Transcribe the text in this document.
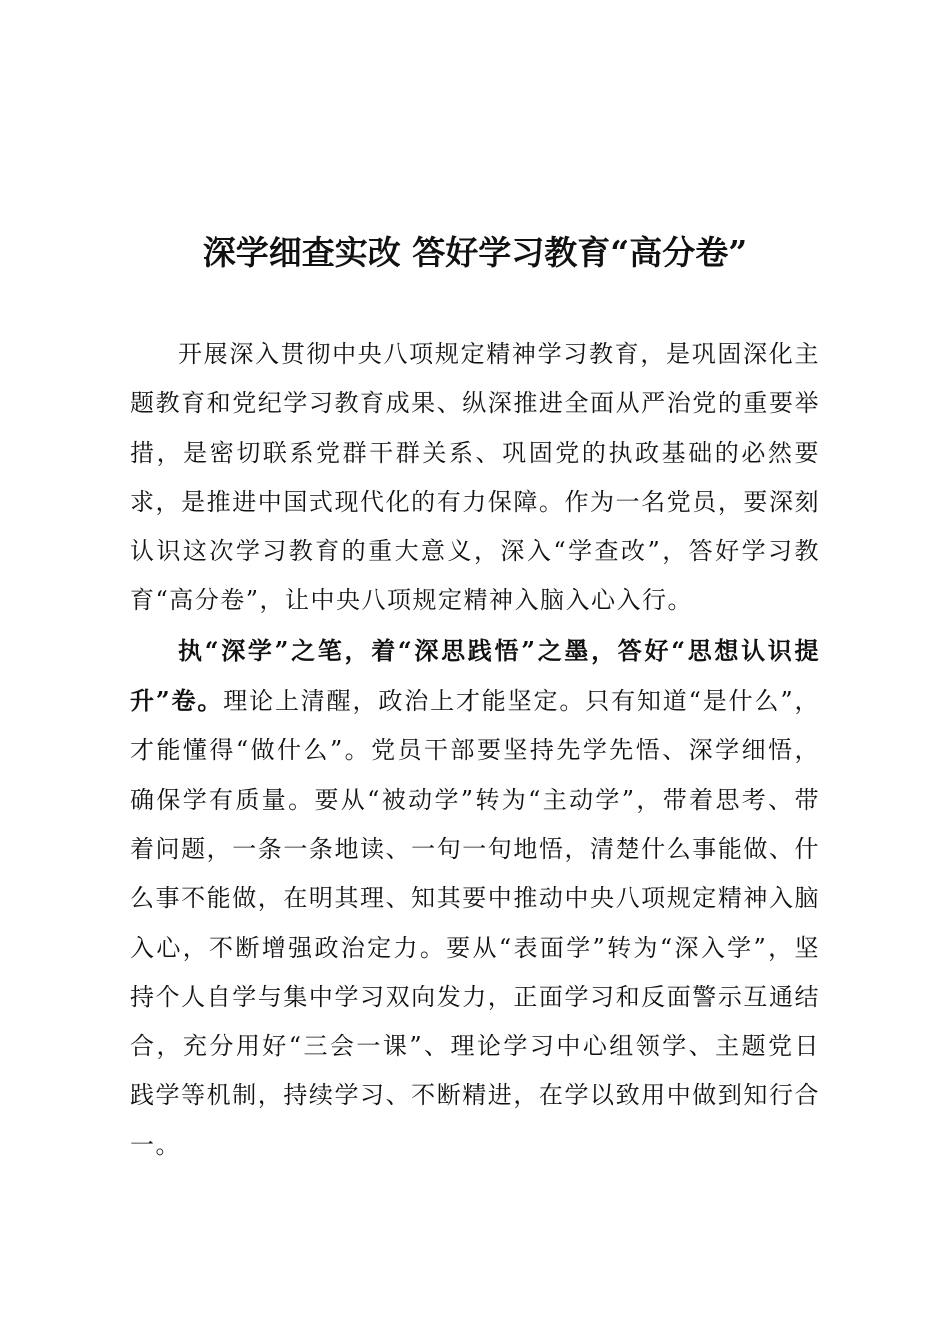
深学细查实改 答好学习教育“高分卷”

开展深入贯彻中央八项规定精神学习教育，是巩固深化主题教育和党纪学习教育成果、纵深推进全面从严治党的重要举措，是密切联系党群干群关系、巩固党的执政基础的必然要求，是推进中国式现代化的有力保障。作为一名党员，要深刻认识这次学习教育的重大意义，深入“学查改”，答好学习教育“高分卷”，让中央八项规定精神入脑入心入行。

执“深学”之笔，着“深思践悟”之墨，答好“思想认识提升”卷。理论上清醒，政治上才能坚定。只有知道“是什么”，才能懂得“做什么”。党员干部要坚持先学先悟、深学细悟，确保学有质量。要从“被动学”转为“主动学”，带着思考、带着问题，一条一条地读、一句一句地悟，清楚什么事能做、什么事不能做，在明其理、知其要中推动中央八项规定精神入脑入心，不断增强政治定力。要从“表面学”转为“深入学”，坚持个人自学与集中学习双向发力，正面学习和反面警示互通结合，充分用好“三会一课”、理论学习中心组领学、主题党日践学等机制，持续学习、不断精进，在学以致用中做到知行合一。
